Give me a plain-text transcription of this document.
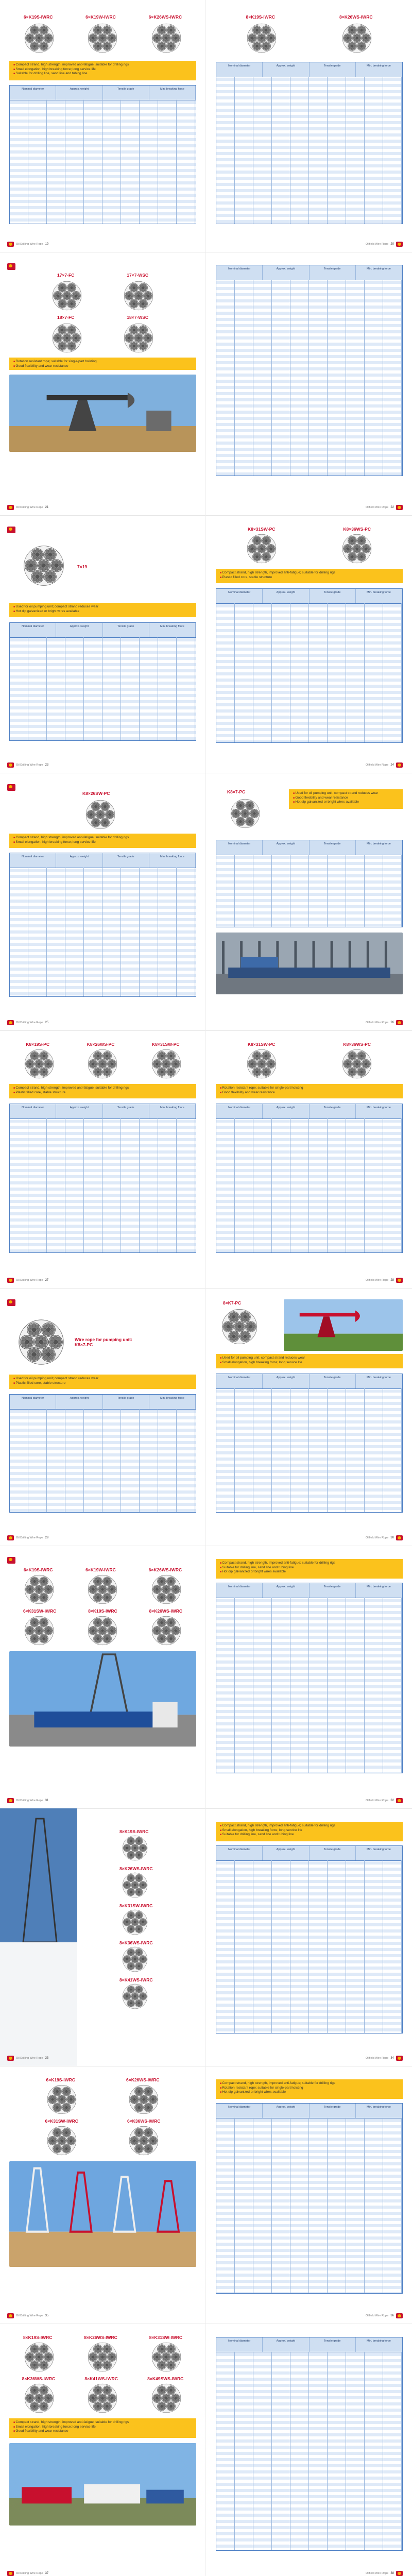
6×K19S-IWRC	6×K19W-IWRC	6×K26WS-IWRC
■ Compact strand, high strength, improved anti-fatigue; suitable for drilling rigs
■ Small elongation, high breaking force; long service life
■ Suitable for drilling line, sand line and tubing line
Nominal diameter	Approx. weight	Tensile grade	Min. breaking force
Oil Drilling Wire Rope 19
8×K19S-IWRC	8×K26WS-IWRC
Nominal diameter	Approx. weight	Tensile grade	Min. breaking force
Oilfield Wire Rope 20
17×7-FC	17×7-WSC
18×7-FC	18×7-WSC
■ Rotation resistant rope; suitable for single-part hoisting
■ Good flexibility and wear resistance
Oil Drilling Wire Rope 21
Nominal diameter	Approx. weight	Tensile grade	Min. breaking force
Oilfield Wire Rope 22
7×19
■ Used for oil pumping unit; compact strand reduces wear
■ Hot dip galvanized or bright wires available
Nominal diameter	Approx. weight	Tensile grade	Min. breaking force
Oil Drilling Wire Rope 23
K8×31SW-PC	K8×36WS-PC
■ Compact strand, high strength, improved anti-fatigue; suitable for drilling rigs
■ Plastic filled core, stable structure
Nominal diameter	Approx. weight	Tensile grade	Min. breaking force
Oilfield Wire Rope 24
K8×26SW-PC
■ Compact strand, high strength, improved anti-fatigue; suitable for drilling rigs
■ Small elongation, high breaking force; long service life
Nominal diameter	Approx. weight	Tensile grade	Min. breaking force
Oil Drilling Wire Rope 25
K8×7-PC
■	Used for oil pumping unit; compact strand reduces wear
■ Good flexibility and wear resistance
■ Hot dip galvanized or bright wires available
Nominal diameter	Approx. weight	Tensile grade	Min. breaking force
Oilfield Wire Rope 26
K8×19S-PC	K8×26WS-PC	K8×31SW-PC
■ Compact strand, high strength, improved anti-fatigue; suitable for drilling rigs
■ Plastic filled core, stable structure
Nominal diameter	Approx. weight	Tensile grade	Min. breaking force
Oil Drilling Wire Rope 27
K8×31SW-PC	K8×36WS-PC
■ Rotation resistant rope; suitable for single-part hoisting
■ Good flexibility and wear resistance
Nominal diameter	Approx. weight	Tensile grade	Min. breaking force
Oilfield Wire Rope 28
Wire rope for pumping unit: K8×7-PC
■ Used for oil pumping unit; compact strand reduces wear
■ Plastic filled core, stable structure
Nominal diameter	Approx. weight	Tensile grade	Min. breaking force
Oil Drilling Wire Rope 29
8×K7-PC
■ Used for oil pumping unit; compact strand reduces wear
■ Small elongation, high breaking force; long service life
Nominal diameter	Approx. weight	Tensile grade	Min. breaking force
Oilfield Wire Rope 30
6×K19S-IWRC	6×K19W-IWRC	6×K26WS-IWRC
6×K31SW-IWRC	8×K19S-IWRC	8×K26WS-IWRC
Oil Drilling Wire Rope 31
■ Compact strand, high strength, improved anti-fatigue; suitable for drilling rigs
■ Suitable for drilling line, sand line and tubing line
■ Hot dip galvanized or bright wires available
Nominal diameter	Approx. weight	Tensile grade	Min. breaking force
Oilfield Wire Rope 32
8×K19S-IWRC
8×K26WS-IWRC
8×K31SW-IWRC
8×K36WS-IWRC
8×K41WS-IWRC
Oil Drilling Wire Rope 33
■ Compact strand, high strength, improved anti-fatigue; suitable for drilling rigs
■ Small elongation, high breaking force; long service life
■ Suitable for drilling line, sand line and tubing line
Nominal diameter	Approx. weight	Tensile grade	Min. breaking force
Oilfield Wire Rope 34
6×K19S-IWRC	6×K26WS-IWRC
6×K31SW-IWRC	6×K36WS-IWRC
Oil Drilling Wire Rope 35
■ Compact strand, high strength, improved anti-fatigue; suitable for drilling rigs
■ Rotation resistant rope; suitable for single-part hoisting
■ Hot dip galvanized or bright wires available
Nominal diameter	Approx. weight	Tensile grade	Min. breaking force
Oilfield Wire Rope 36
8×K19S-IWRC	8×K26WS-IWRC	8×K31SW-IWRC
8×K36WS-IWRC	8×K41WS-IWRC	8×K49SWS-IWRC
■ Compact strand, high strength, improved anti-fatigue; suitable for drilling rigs
■ Small elongation, high breaking force; long service life
■ Good flexibility and wear resistance
Oil Drilling Wire Rope 37
Nominal diameter	Approx. weight	Tensile grade	Min. breaking force
Oilfield Wire Rope 38
